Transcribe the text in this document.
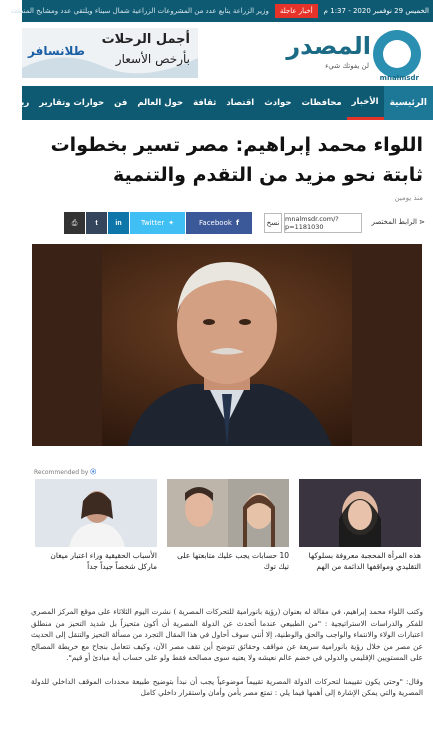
الخميس 29 نوفمبر 2020 - 1:37 م
أخبار عاجلة
وزير الزراعة يتابع عدد من المشروعات الزراعية شمال سيناء ويلتقي عدد ومشايخ المنطقة
المصدر
لن يفوتك شيء
mnalmsdr
أجمل الرحلات
بأرخص الأسعار
طلانسافر
الرئيسية
الأخبار
محافظات
حوادث
اقتصاد
ثقافة
حول العالم
فن
حوارات وتقارير
رياضة
اللواء محمد إبراهيم: مصر تسير بخطوات ثابتة نحو مزيد من التقدم والتنمية
منذ يومين
⋖ الرابط المختصر
mnalmsdr.com/?p=1181030
نسخ
f
Facebook
✦
Twitter
in
t
⎙
Recommended by ⦿
هذه المرأة المحجبة معروفة بسلوكها التقليدي ومواقفها الدائمة من الهم
10 حسابات يجب عليك متابعتها على تيك توك
الأسباب الحقيقية وراء اعتبار ميغان ماركل شخصاً جيداً جداً

وكتب اللواء محمد إبراهيم، في مقالة له بعنوان (رؤية بانورامية للتحركات المصرية ) نشرت اليوم الثلاثاء على موقع المركز المصري للفكر والدراسات الاستراتيجية : "من الطبيعي عندما أتحدث عن الدولة المصرية أن أكون متحيزاً بل شديد التحيز من منطلق اعتبارات الولاء والانتماء والواجب والحق والوطنية، إلا أنني سوف أحاول في هذا المقال التجرد من مسألة التحيز والتنقل إلى الحديث عن مصر من خلال رؤية بانورامية سريعة عن مواقف وحقائق تتوضح أين تقف مصر الآن، وكيف تتعامل بنجاح مع خريطة المصالح على المستويين الإقليمي والدولي في خضم عالم نعيشه ولا يعنيه سوى مصالحه فقط ولو على حساب أية مبادئ أو قيم".

وقال: "وحتى يكون تقييمنا لتحركات الدولة المصرية تقييماً موضوعياً يجب أن نبدأ بتوضيح طبيعة محددات الموقف الداخلي للدولة المصرية والتي يمكن الإشارة إلى أهمها فيما يلي : تمتع مصر بأمن وأمان واستقرار داخلي كامل
